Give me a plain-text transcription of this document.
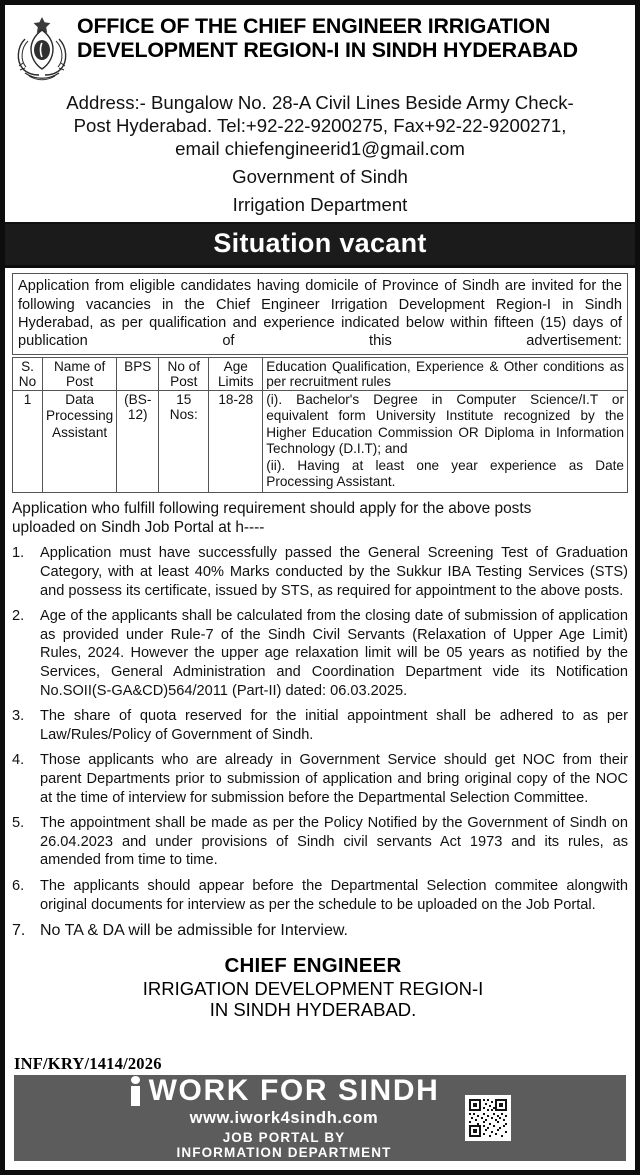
OFFICE OF THE CHIEF ENGINEER IRRIGATION
DEVELOPMENT REGION-I IN SINDH HYDERABAD
Address:- Bungalow No. 28-A Civil Lines Beside Army Check-
Post Hyderabad. Tel:+92-22-9200275, Fax+92-22-9200271,
email chiefengineerid1@gmail.com
Government of Sindh
Irrigation Department
Situation vacant
Application from eligible candidates having domicile of Province of Sindh are invited for the following vacancies in the Chief Engineer Irrigation Development Region-I in Sindh Hyderabad, as per qualification and experience indicated below within fifteen (15) days of publication of this advertisement:
S. No	Name of Post	BPS	No of Post	Age Limits	Education Qualification, Experience & Other conditions as per recruitment rules
1	Data Processing Assistant	(BS-12)	15 Nos:	18-28	(i). Bachelor's Degree in Computer Science/I.T or equivalent form University Institute recognized by the Higher Education Commission OR Diploma in Information Technology (D.I.T); and
(ii). Having at least one year experience as Date Processing Assistant.
Application who fulfill following requirement should apply for the above posts
uploaded on Sindh Job Portal at h----
1.	Application must have successfully passed the General Screening Test of Graduation Category, with at least 40% Marks conducted by the Sukkur IBA Testing Services (STS) and possess its certificate, issued by STS, as required for appointment to the above posts.
2.	Age of the applicants shall be calculated from the closing date of submission of application as provided under Rule-7 of the Sindh Civil Servants (Relaxation of Upper Age Limit) Rules, 2024. However the upper age relaxation limit will be 05 years as notified by the Services, General Administration and Coordination Department vide its Notification No.SOII(S-GA&CD)564/2011 (Part-II) dated: 06.03.2025.
3.	The share of quota reserved for the initial appointment shall be adhered to as per Law/Rules/Policy of Government of Sindh.
4.	Those applicants who are already in Government Service should get NOC from their parent Departments prior to submission of application and bring original copy of the NOC at the time of interview for submission before the Departmental Selection Committee.
5.	The appointment shall be made as per the Policy Notified by the Government of Sindh on 26.04.2023 and under provisions of Sindh civil servants Act 1973 and its rules, as amended from time to time.
6.	The applicants should appear before the Departmental Selection commitee alongwith original documents for interview as per the schedule to be uploaded on the Job Portal.
7. No TA & DA will be admissible for Interview.
CHIEF ENGINEER
IRRIGATION DEVELOPMENT REGION-I
IN SINDH HYDERABAD.
INF/KRY/1414/2026
WORK FOR SINDH
www.iwork4sindh.com
JOB PORTAL BY
INFORMATION DEPARTMENT
